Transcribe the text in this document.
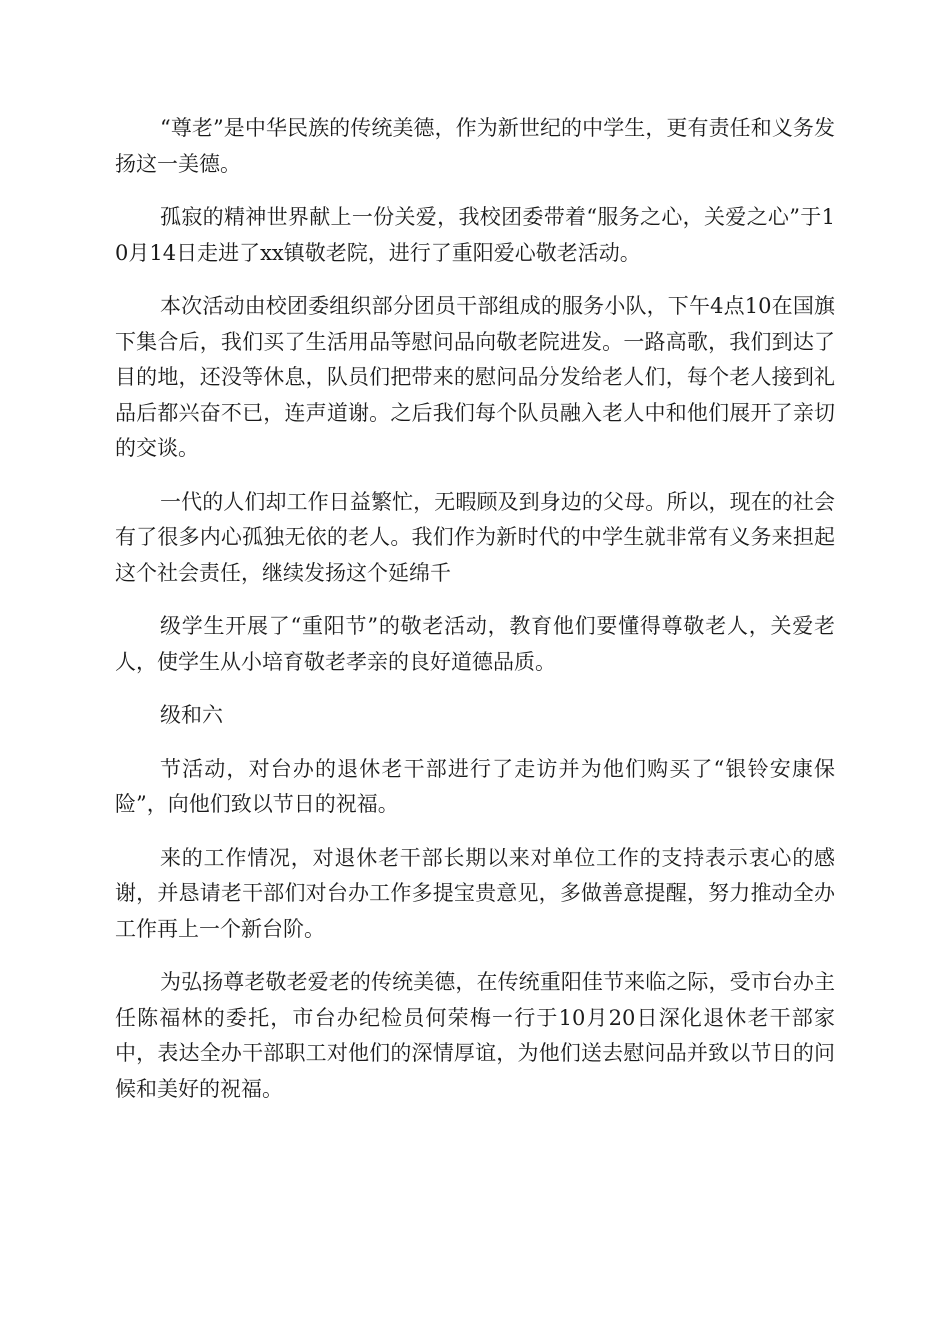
“尊老”是中华民族的传统美德，作为新世纪的中学生，更有责任和义务发扬这一美德。

孤寂的精神世界献上一份关爱，我校团委带着“服务之心，关爱之心”于10月14日走进了xx镇敬老院，进行了重阳爱心敬老活动。

本次活动由校团委组织部分团员干部组成的服务小队，下午4点10在国旗下集合后，我们买了生活用品等慰问品向敬老院进发。一路高歌，我们到达了目的地，还没等休息，队员们把带来的慰问品分发给老人们，每个老人接到礼品后都兴奋不已，连声道谢。之后我们每个队员融入老人中和他们展开了亲切的交谈。

一代的人们却工作日益繁忙，无暇顾及到身边的父母。所以，现在的社会有了很多内心孤独无依的老人。我们作为新时代的中学生就非常有义务来担起这个社会责任，继续发扬这个延绵千

级学生开展了“重阳节”的敬老活动，教育他们要懂得尊敬老人，关爱老人，使学生从小培育敬老孝亲的良好道德品质。

级和六

节活动，对台办的退休老干部进行了走访并为他们购买了“银铃安康保险”，向他们致以节日的祝福。

来的工作情况，对退休老干部长期以来对单位工作的支持表示衷心的感谢，并恳请老干部们对台办工作多提宝贵意见，多做善意提醒，努力推动全办工作再上一个新台阶。

为弘扬尊老敬老爱老的传统美德，在传统重阳佳节来临之际，受市台办主任陈福林的委托，市台办纪检员何荣梅一行于10月20日深化退休老干部家中，表达全办干部职工对他们的深情厚谊，为他们送去慰问品并致以节日的问候和美好的祝福。
